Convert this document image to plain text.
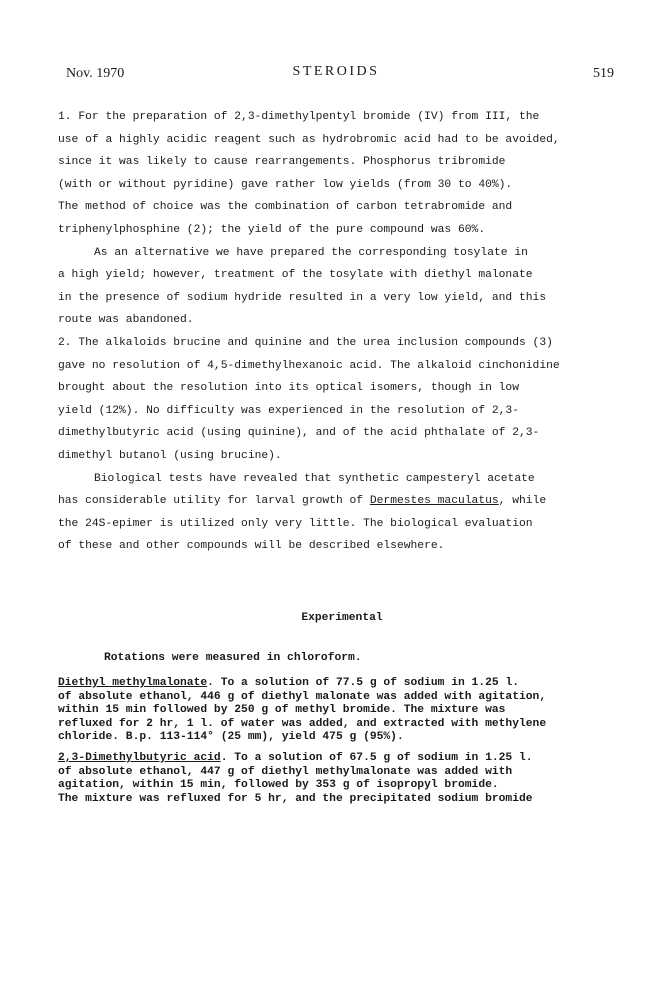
Nov. 1970	STEROIDS	519
1. For the preparation of 2,3-dimethylpentyl bromide (IV) from III, the
use of a highly acidic reagent such as hydrobromic acid had to be avoided,
since it was likely to cause rearrangements. Phosphorus tribromide
(with or without pyridine) gave rather low yields (from 30 to 40%).
The method of choice was the combination of carbon tetrabromide and
triphenylphosphine (2); the yield of the pure compound was 60%.
As an alternative we have prepared the corresponding tosylate in
a high yield; however, treatment of the tosylate with diethyl malonate
in the presence of sodium hydride resulted in a very low yield, and this
route was abandoned.
2. The alkaloids brucine and quinine and the urea inclusion compounds (3)
gave no resolution of 4,5-dimethylhexanoic acid. The alkaloid cinchonidine
brought about the resolution into its optical isomers, though in low
yield (12%). No difficulty was experienced in the resolution of 2,3-
dimethylbutyric acid (using quinine), and of the acid phthalate of 2,3-
dimethyl butanol (using brucine).
Biological tests have revealed that synthetic campesteryl acetate
has considerable utility for larval growth of Dermestes maculatus, while
the 24S-epimer is utilized only very little. The biological evaluation
of these and other compounds will be described elsewhere.
Experimental
Rotations were measured in chloroform.
Diethyl methylmalonate. To a solution of 77.5 g of sodium in 1.25 l.
of absolute ethanol, 446 g of diethyl malonate was added with agitation,
within 15 min followed by 250 g of methyl bromide. The mixture was
refluxed for 2 hr, 1 l. of water was added, and extracted with methylene
chloride. B.p. 113-114° (25 mm), yield 475 g (95%).
2,3-Dimethylbutyric acid. To a solution of 67.5 g of sodium in 1.25 l.
of absolute ethanol, 447 g of diethyl methylmalonate was added with
agitation, within 15 min, followed by 353 g of isopropyl bromide.
The mixture was refluxed for 5 hr, and the precipitated sodium bromide
